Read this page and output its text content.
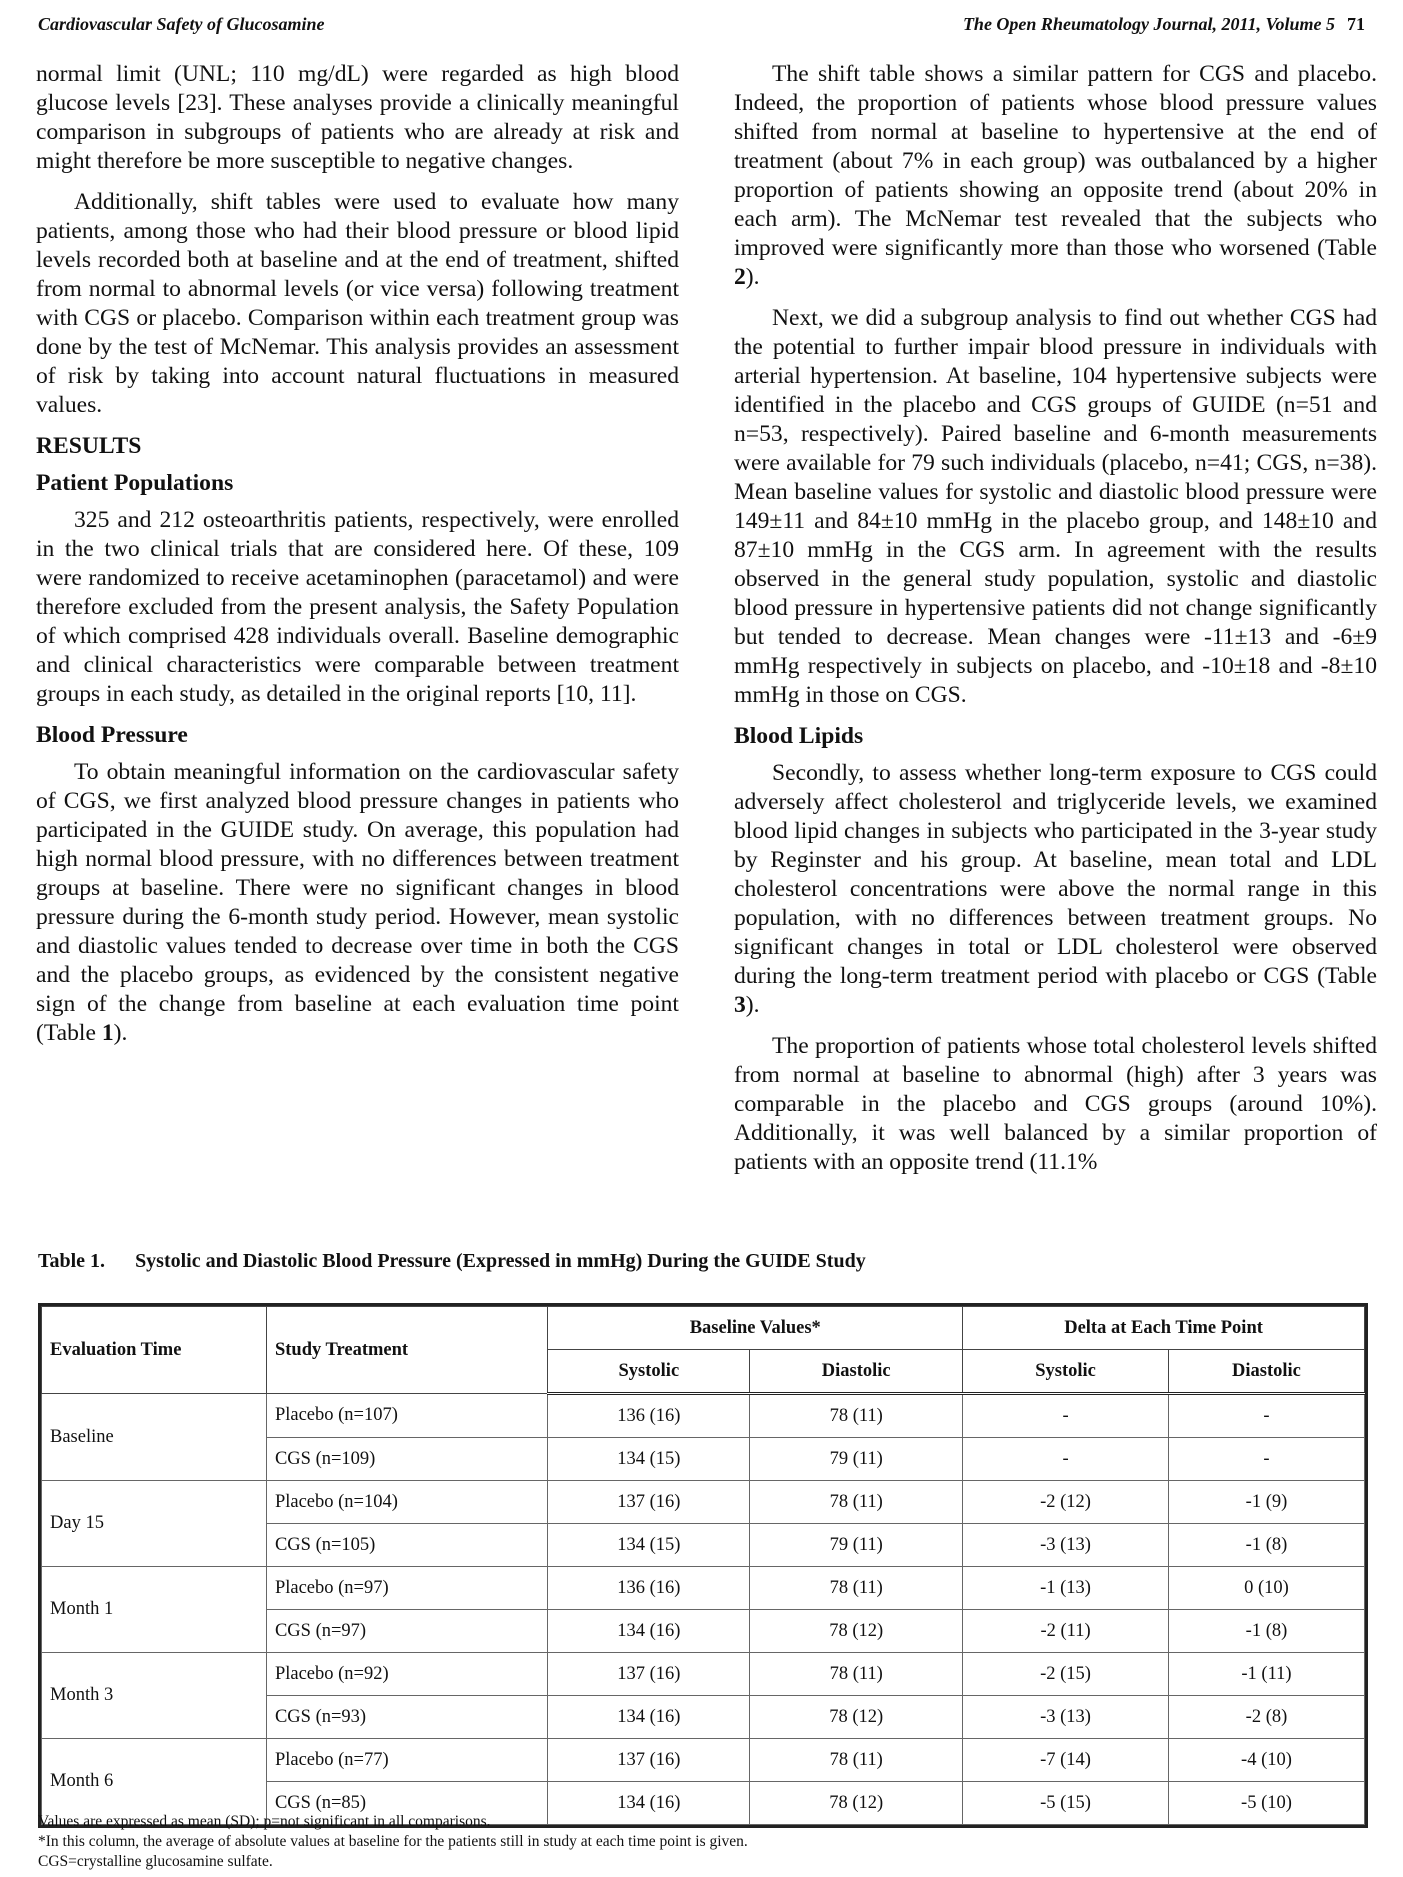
Cardiovascular Safety of Glucosamine	The Open Rheumatology Journal, 2011, Volume 5 71

normal limit (UNL; 110 mg/dL) were regarded as high blood glucose levels [23]. These analyses provide a clinically meaningful comparison in subgroups of patients who are already at risk and might therefore be more susceptible to negative changes.

Additionally, shift tables were used to evaluate how many patients, among those who had their blood pressure or blood lipid levels recorded both at baseline and at the end of treatment, shifted from normal to abnormal levels (or vice versa) following treatment with CGS or placebo. Comparison within each treatment group was done by the test of McNemar. This analysis provides an assessment of risk by taking into account natural fluctuations in measured values.

RESULTS
Patient Populations

325 and 212 osteoarthritis patients, respectively, were enrolled in the two clinical trials that are considered here. Of these, 109 were randomized to receive acetaminophen (paracetamol) and were therefore excluded from the present analysis, the Safety Population of which comprised 428 individuals overall. Baseline demographic and clinical characteristics were comparable between treatment groups in each study, as detailed in the original reports [10, 11].

Blood Pressure

To obtain meaningful information on the cardiovascular safety of CGS, we first analyzed blood pressure changes in patients who participated in the GUIDE study. On average, this population had high normal blood pressure, with no differences between treatment groups at baseline. There were no significant changes in blood pressure during the 6-month study period. However, mean systolic and diastolic values tended to decrease over time in both the CGS and the placebo groups, as evidenced by the consistent negative sign of the change from baseline at each evaluation time point (Table 1).

The shift table shows a similar pattern for CGS and placebo. Indeed, the proportion of patients whose blood pressure values shifted from normal at baseline to hypertensive at the end of treatment (about 7% in each group) was outbalanced by a higher proportion of patients showing an opposite trend (about 20% in each arm). The McNemar test revealed that the subjects who improved were significantly more than those who worsened (Table 2).

Next, we did a subgroup analysis to find out whether CGS had the potential to further impair blood pressure in individuals with arterial hypertension. At baseline, 104 hypertensive subjects were identified in the placebo and CGS groups of GUIDE (n=51 and n=53, respectively). Paired baseline and 6-month measurements were available for 79 such individuals (placebo, n=41; CGS, n=38). Mean baseline values for systolic and diastolic blood pressure were 149±11 and 84±10 mmHg in the placebo group, and 148±10 and 87±10 mmHg in the CGS arm. In agreement with the results observed in the general study population, systolic and diastolic blood pressure in hypertensive patients did not change significantly but tended to decrease. Mean changes were -11±13 and -6±9 mmHg respectively in subjects on placebo, and -10±18 and -8±10 mmHg in those on CGS.

Blood Lipids

Secondly, to assess whether long-term exposure to CGS could adversely affect cholesterol and triglyceride levels, we examined blood lipid changes in subjects who participated in the 3-year study by Reginster and his group. At baseline, mean total and LDL cholesterol concentrations were above the normal range in this population, with no differences between treatment groups. No significant changes in total or LDL cholesterol were observed during the long-term treatment period with placebo or CGS (Table 3).

The proportion of patients whose total cholesterol levels shifted from normal at baseline to abnormal (high) after 3 years was comparable in the placebo and CGS groups (around 10%). Additionally, it was well balanced by a similar proportion of patients with an opposite trend (11.1%

Table 1. Systolic and Diastolic Blood Pressure (Expressed in mmHg) During the GUIDE Study
Evaluation Time	Study Treatment	Baseline Values*		Delta at Each Time Point	
		Systolic	Diastolic	Systolic	Diastolic
Baseline	Placebo (n=107)	136 (16)	78 (11)	-	-
	CGS (n=109)	134 (15)	79 (11)	-	-
Day 15	Placebo (n=104)	137 (16)	78 (11)	-2 (12)	-1 (9)
	CGS (n=105)	134 (15)	79 (11)	-3 (13)	-1 (8)
Month 1	Placebo (n=97)	136 (16)	78 (11)	-1 (13)	0 (10)
	CGS (n=97)	134 (16)	78 (12)	-2 (11)	-1 (8)
Month 3	Placebo (n=92)	137 (16)	78 (11)	-2 (15)	-1 (11)
	CGS (n=93)	134 (16)	78 (12)	-3 (13)	-2 (8)
Month 6	Placebo (n=77)	137 (16)	78 (11)	-7 (14)	-4 (10)
	CGS (n=85)	134 (16)	78 (12)	-5 (15)	-5 (10)
Values are expressed as mean (SD); p=not significant in all comparisons.
*In this column, the average of absolute values at baseline for the patients still in study at each time point is given.
CGS=crystalline glucosamine sulfate.
